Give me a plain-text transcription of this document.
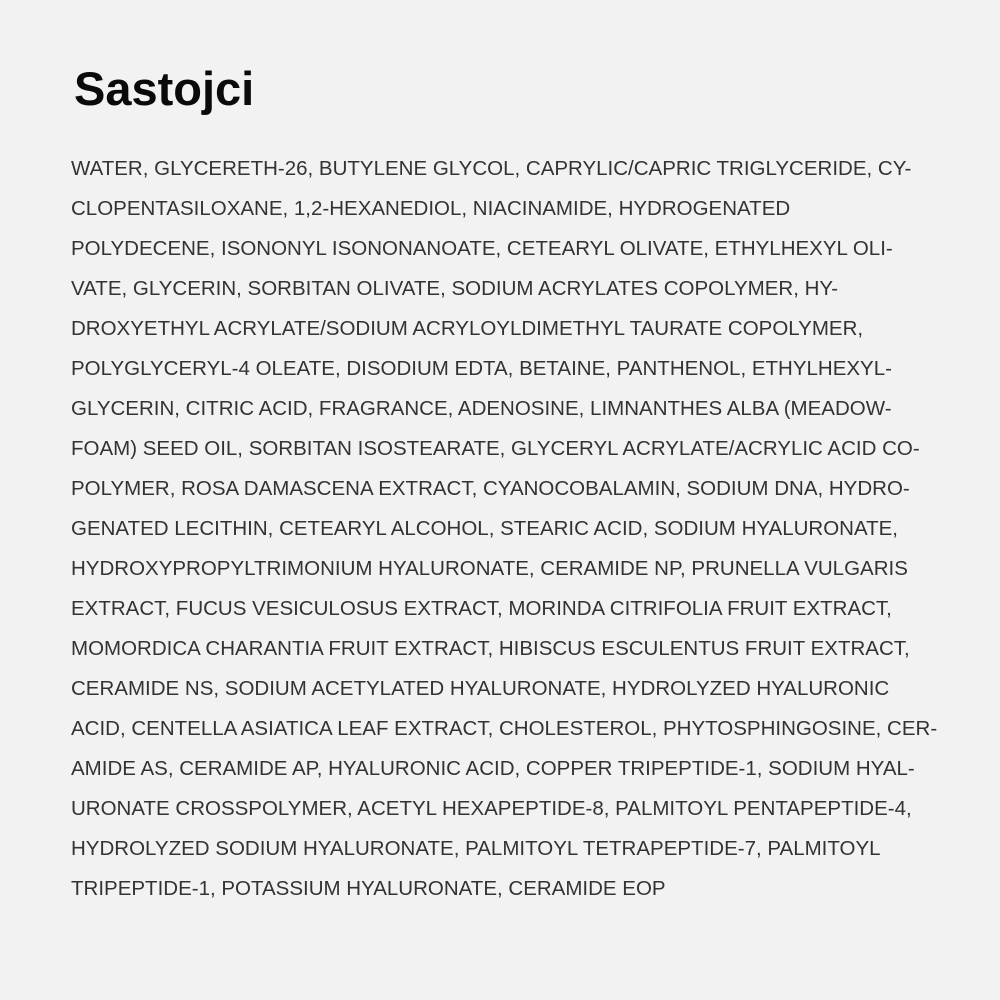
Sastojci
WATER, GLYCERETH-26, BUTYLENE GLYCOL, CAPRYLIC/CAPRIC TRIGLYCERIDE, CY-
CLOPENTASILOXANE, 1,2-HEXANEDIOL, NIACINAMIDE, HYDROGENATED
POLYDECENE, ISONONYL ISONONANOATE, CETEARYL OLIVATE, ETHYLHEXYL OLI-
VATE, GLYCERIN, SORBITAN OLIVATE, SODIUM ACRYLATES COPOLYMER, HY-
DROXYETHYL ACRYLATE/SODIUM ACRYLOYLDIMETHYL TAURATE COPOLYMER,
POLYGLYCERYL-4 OLEATE, DISODIUM EDTA, BETAINE, PANTHENOL, ETHYLHEXYL-
GLYCERIN, CITRIC ACID, FRAGRANCE, ADENOSINE, LIMNANTHES ALBA (MEADOW-
FOAM) SEED OIL, SORBITAN ISOSTEARATE, GLYCERYL ACRYLATE/ACRYLIC ACID CO-
POLYMER, ROSA DAMASCENA EXTRACT, CYANOCOBALAMIN, SODIUM DNA, HYDRO-
GENATED LECITHIN, CETEARYL ALCOHOL, STEARIC ACID, SODIUM HYALURONATE,
HYDROXYPROPYLTRIMONIUM HYALURONATE, CERAMIDE NP, PRUNELLA VULGARIS
EXTRACT, FUCUS VESICULOSUS EXTRACT, MORINDA CITRIFOLIA FRUIT EXTRACT,
MOMORDICA CHARANTIA FRUIT EXTRACT, HIBISCUS ESCULENTUS FRUIT EXTRACT,
CERAMIDE NS, SODIUM ACETYLATED HYALURONATE, HYDROLYZED HYALURONIC
ACID, CENTELLA ASIATICA LEAF EXTRACT, CHOLESTEROL, PHYTOSPHINGOSINE, CER-
AMIDE AS, CERAMIDE AP, HYALURONIC ACID, COPPER TRIPEPTIDE-1, SODIUM HYAL-
URONATE CROSSPOLYMER, ACETYL HEXAPEPTIDE-8, PALMITOYL PENTAPEPTIDE-4,
HYDROLYZED SODIUM HYALURONATE, PALMITOYL TETRAPEPTIDE-7, PALMITOYL
TRIPEPTIDE-1, POTASSIUM HYALURONATE, CERAMIDE EOP
